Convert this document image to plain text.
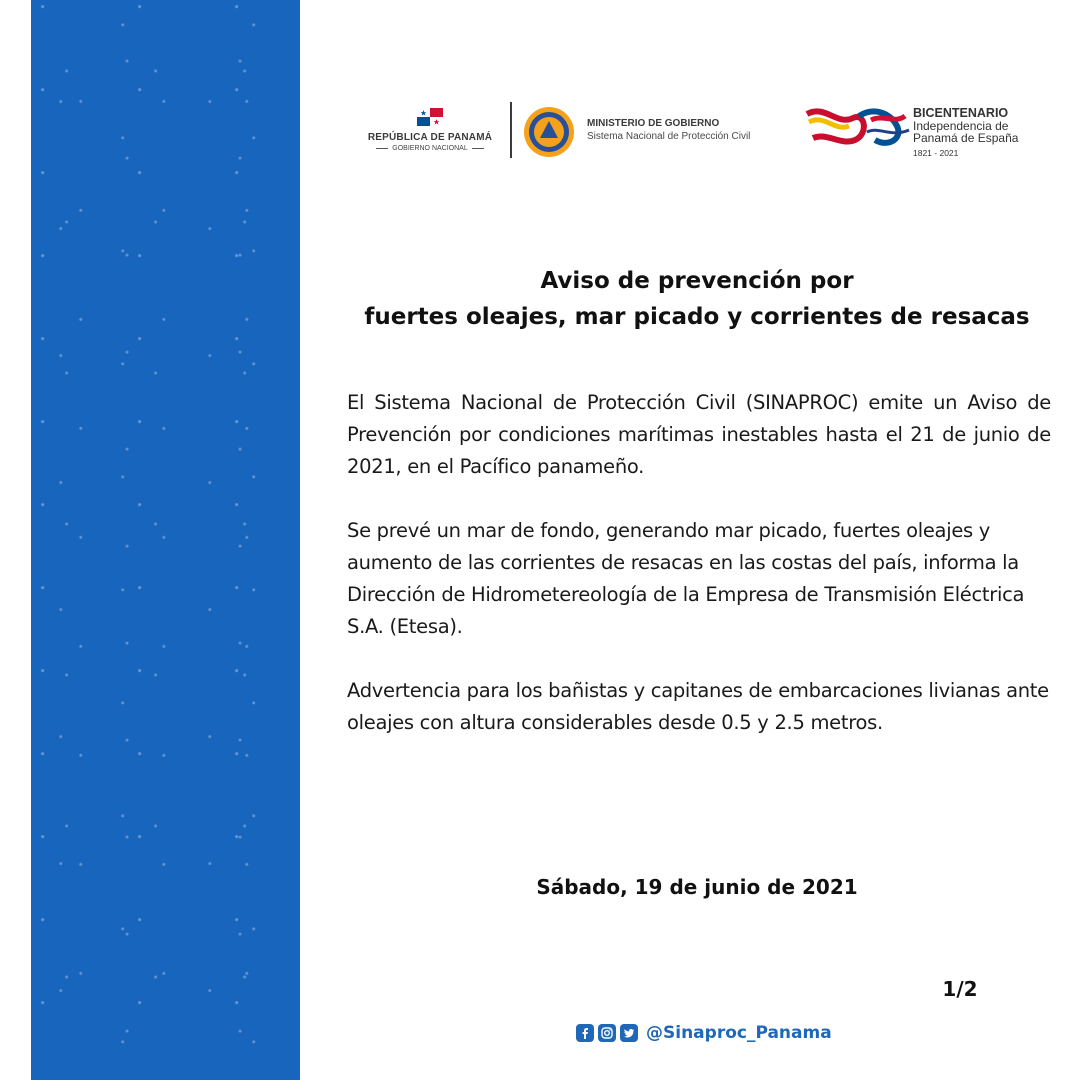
REPÚBLICA DE PANAMÁ
GOBIERNO NACIONAL
MINISTERIO DE GOBIERNO
Sistema Nacional de Protección Civil
BICENTENARIO
Independencia de
Panamá de España
1821 - 2021
Aviso de prevención por
fuertes oleajes, mar picado y corrientes de resacas

El Sistema Nacional de Protección Civil (SINAPROC) emite un Aviso de Prevención por condiciones marítimas inestables hasta el 21 de junio de 2021, en el Pacífico panameño.

Se prevé un mar de fondo, generando mar picado, fuertes oleajes y aumento de las corrientes de resacas en las costas del país, informa la Dirección de Hidrometereología de la Empresa de Transmisión Eléctrica S.A. (Etesa).

Advertencia para los bañistas y capitanes de embarcaciones livianas ante oleajes con altura considerables desde 0.5 y 2.5 metros.

Sábado, 19 de junio de 2021
1/2
@Sinaproc_Panama
